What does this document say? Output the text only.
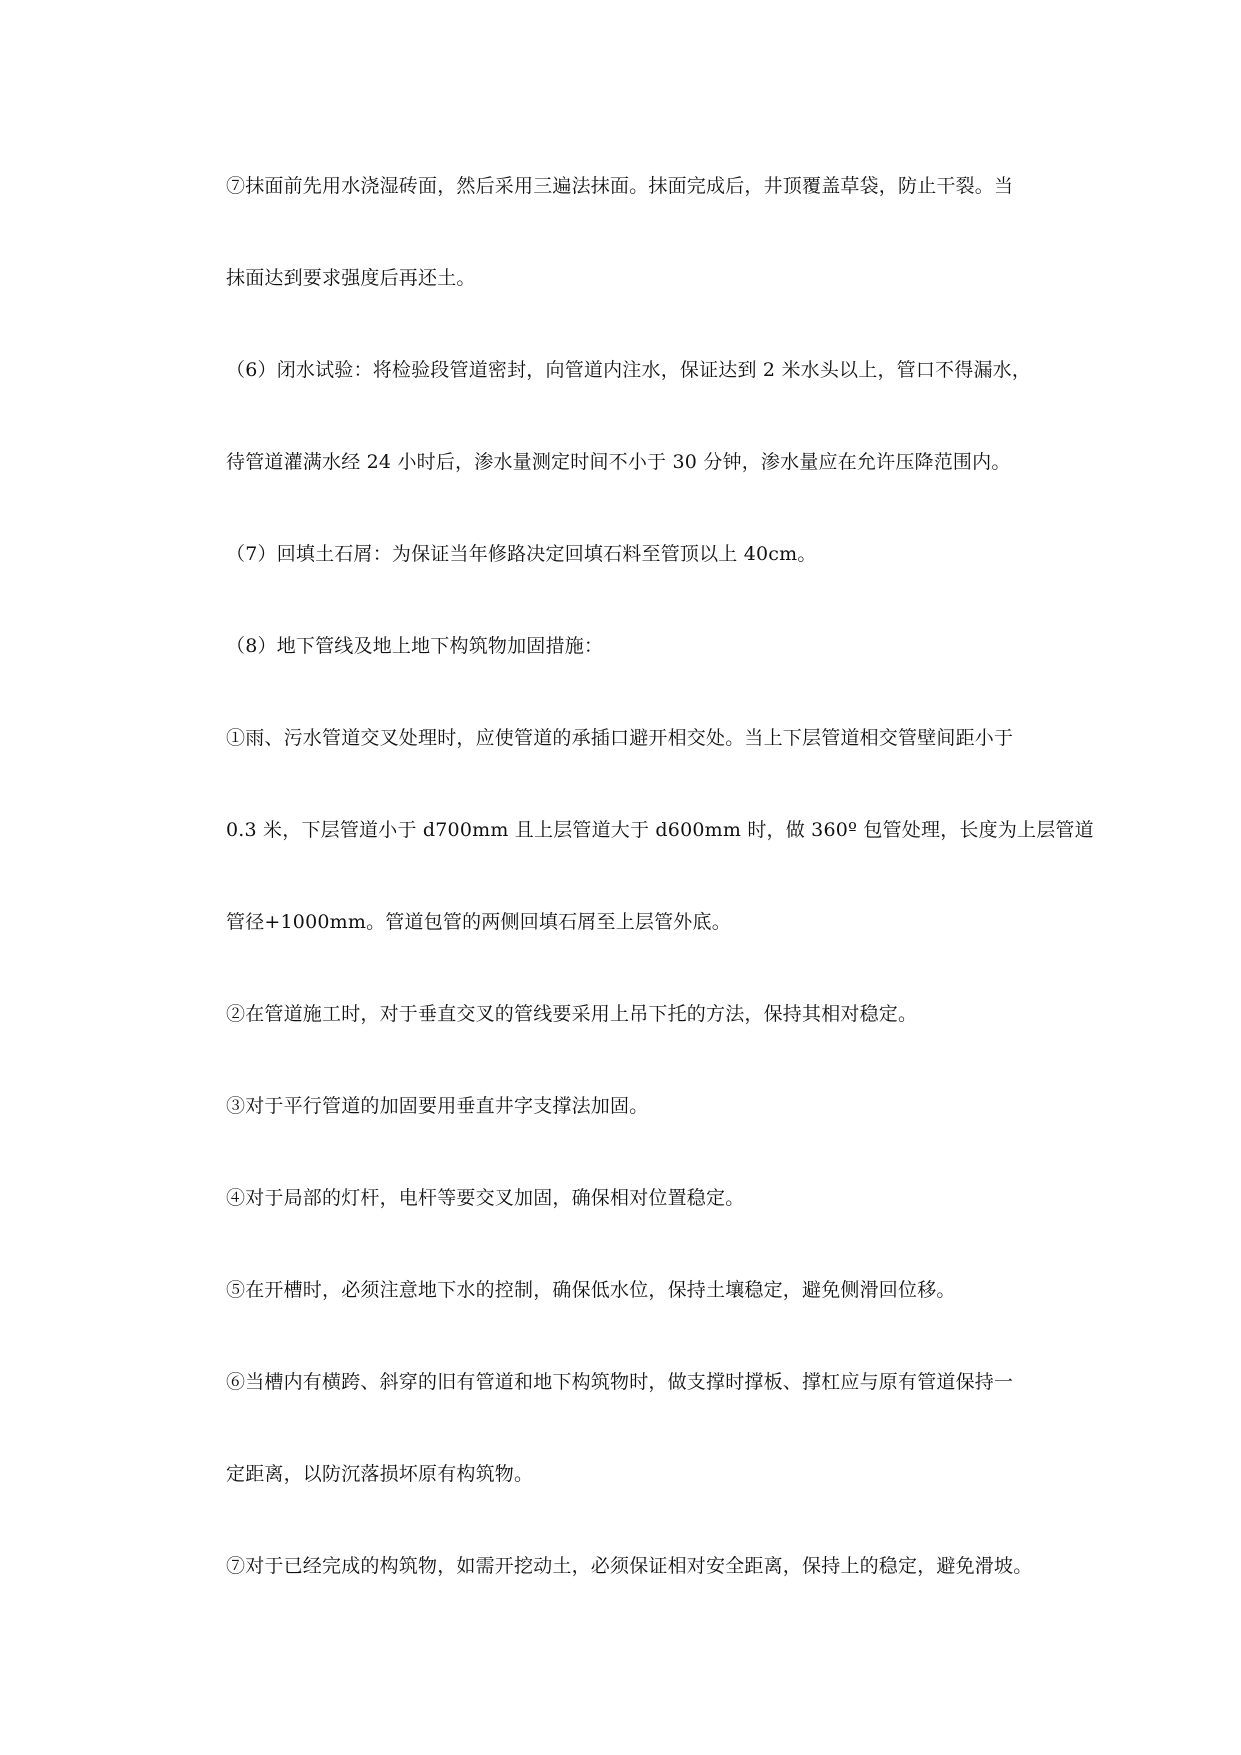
⑦抹面前先用水浇湿砖面，然后采用三遍法抹面。抹面完成后，井顶覆盖草袋，防止干裂。当
抹面达到要求强度后再还土。
（6）闭水试验：将检验段管道密封，向管道内注水，保证达到 2 米水头以上，管口不得漏水，
待管道灌满水经 24 小时后，渗水量测定时间不小于 30 分钟，渗水量应在允许压降范围内。
（7）回填土石屑：为保证当年修路决定回填石料至管顶以上 40cm。
（8）地下管线及地上地下构筑物加固措施：
①雨、污水管道交叉处理时，应使管道的承插口避开相交处。当上下层管道相交管壁间距小于
0.3 米，下层管道小于 d700mm 且上层管道大于 d600mm 时，做 360º 包管处理，长度为上层管道
管径+1000mm。管道包管的两侧回填石屑至上层管外底。
②在管道施工时，对于垂直交叉的管线要采用上吊下托的方法，保持其相对稳定。
③对于平行管道的加固要用垂直井字支撑法加固。
④对于局部的灯杆，电杆等要交叉加固，确保相对位置稳定。
⑤在开槽时，必须注意地下水的控制，确保低水位，保持土壤稳定，避免侧滑回位移。
⑥当槽内有横跨、斜穿的旧有管道和地下构筑物时，做支撑时撑板、撑杠应与原有管道保持一
定距离，以防沉落损坏原有构筑物。
⑦对于已经完成的构筑物，如需开挖动土，必须保证相对安全距离，保持上的稳定，避免滑坡。
